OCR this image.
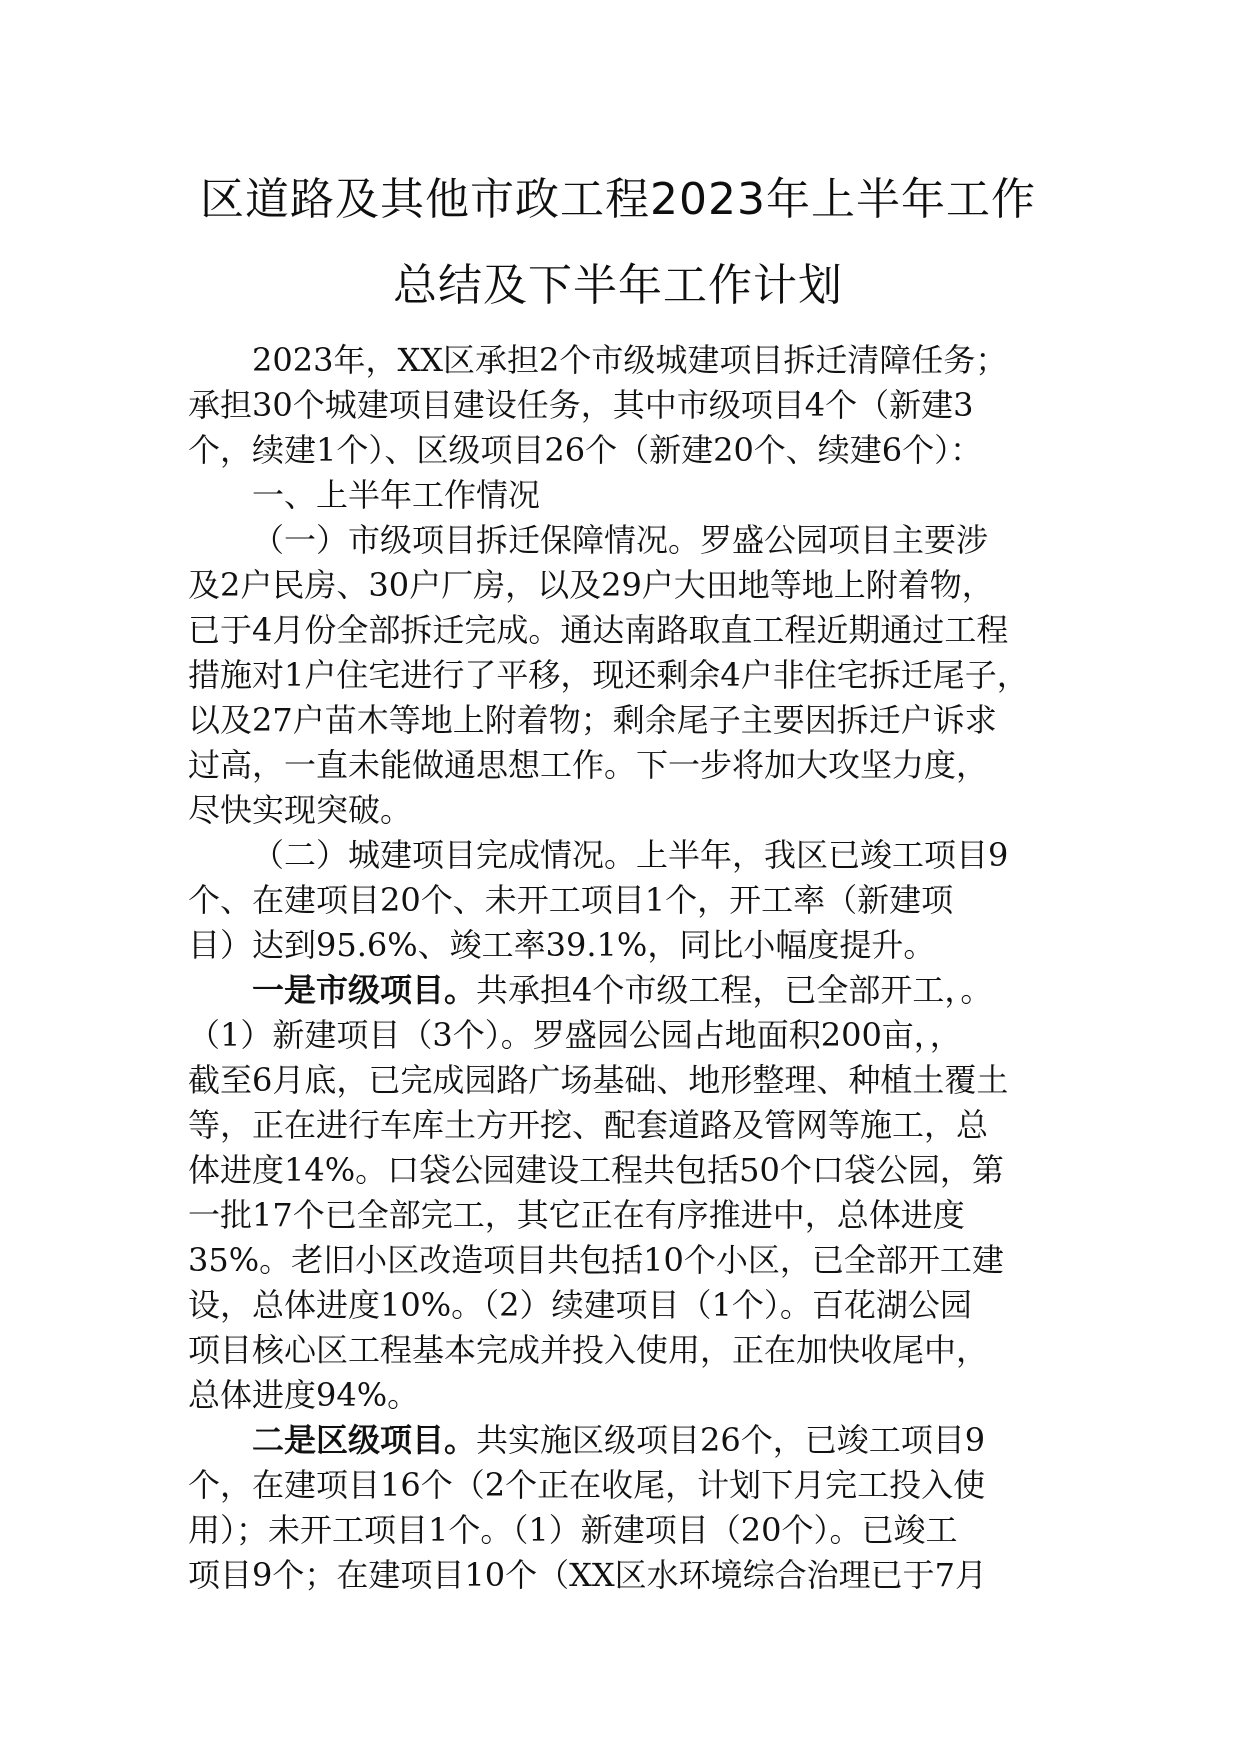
区道路及其他市政工程2023年上半年工作
总结及下半年工作计划
2023年，XX区承担2个市级城建项目拆迁清障任务；
承担30个城建项目建设任务，其中市级项目4个（新建3
个，续建1个）、区级项目26个（新建20个、续建6个）：
一、上半年工作情况
（一）市级项目拆迁保障情况。罗盛公园项目主要涉
及2户民房、30户厂房，以及29户大田地等地上附着物，
已于4月份全部拆迁完成。通达南路取直工程近期通过工程
措施对1户住宅进行了平移，现还剩余4户非住宅拆迁尾子，
以及27户苗木等地上附着物；剩余尾子主要因拆迁户诉求
过高，一直未能做通思想工作。下一步将加大攻坚力度，
尽快实现突破。
（二）城建项目完成情况。上半年，我区已竣工项目9
个、在建项目20个、未开工项目1个，开工率（新建项
目）达到95.6%、竣工率39.1%，同比小幅度提升。
一是市级项目。共承担4个市级工程，已全部开工，。
（1）新建项目（3个）。罗盛园公园占地面积200亩，，
截至6月底，已完成园路广场基础、地形整理、种植土覆土
等，正在进行车库土方开挖、配套道路及管网等施工，总
体进度14%。口袋公园建设工程共包括50个口袋公园，第
一批17个已全部完工，其它正在有序推进中，总体进度
35%。老旧小区改造项目共包括10个小区，已全部开工建
设，总体进度10%。（2）续建项目（1个）。百花湖公园
项目核心区工程基本完成并投入使用，正在加快收尾中，
总体进度94%。
二是区级项目。共实施区级项目26个，已竣工项目9
个，在建项目16个（2个正在收尾，计划下月完工投入使
用）；未开工项目1个。（1）新建项目（20个）。已竣工
项目9个；在建项目10个（XX区水环境综合治理已于7月
